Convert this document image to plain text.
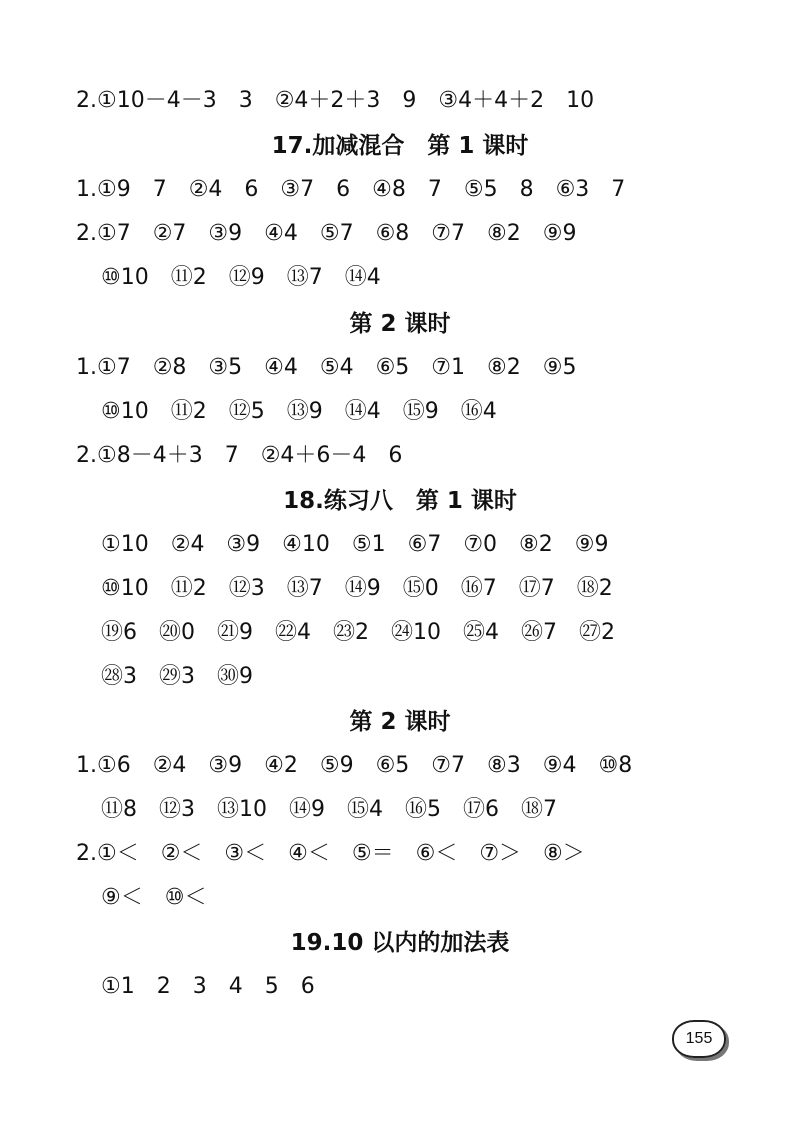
2.①10－4－3　3　②4＋2＋3　9　③4＋4＋2　10
17.加减混合　第 1 课时
1.①9　7　②4　6　③7　6　④8　7　⑤5　8　⑥3　7
2.①7　②7　③9　④4　⑤7　⑥8　⑦7　⑧2　⑨9
⑩10　⑪2　⑫9　⑬7　⑭4
第 2 课时
1.①7　②8　③5　④4　⑤4　⑥5　⑦1　⑧2　⑨5
⑩10　⑪2　⑫5　⑬9　⑭4　⑮9　⑯4
2.①8－4＋3　7　②4＋6－4　6
18.练习八　第 1 课时
①10　②4　③9　④10　⑤1　⑥7　⑦0　⑧2　⑨9
⑩10　⑪2　⑫3　⑬7　⑭9　⑮0　⑯7　⑰7　⑱2
⑲6　⑳0　㉑9　㉒4　㉓2　㉔10　㉕4　㉖7　㉗2
㉘3　㉙3　㉚9
第 2 课时
1.①6　②4　③9　④2　⑤9　⑥5　⑦7　⑧3　⑨4　⑩8
⑪8　⑫3　⑬10　⑭9　⑮4　⑯5　⑰6　⑱7
2.①＜　②＜　③＜　④＜　⑤＝　⑥＜　⑦＞　⑧＞
⑨＜　⑩＜
19.10 以内的加法表
①1　2　3　4　5　6
155
